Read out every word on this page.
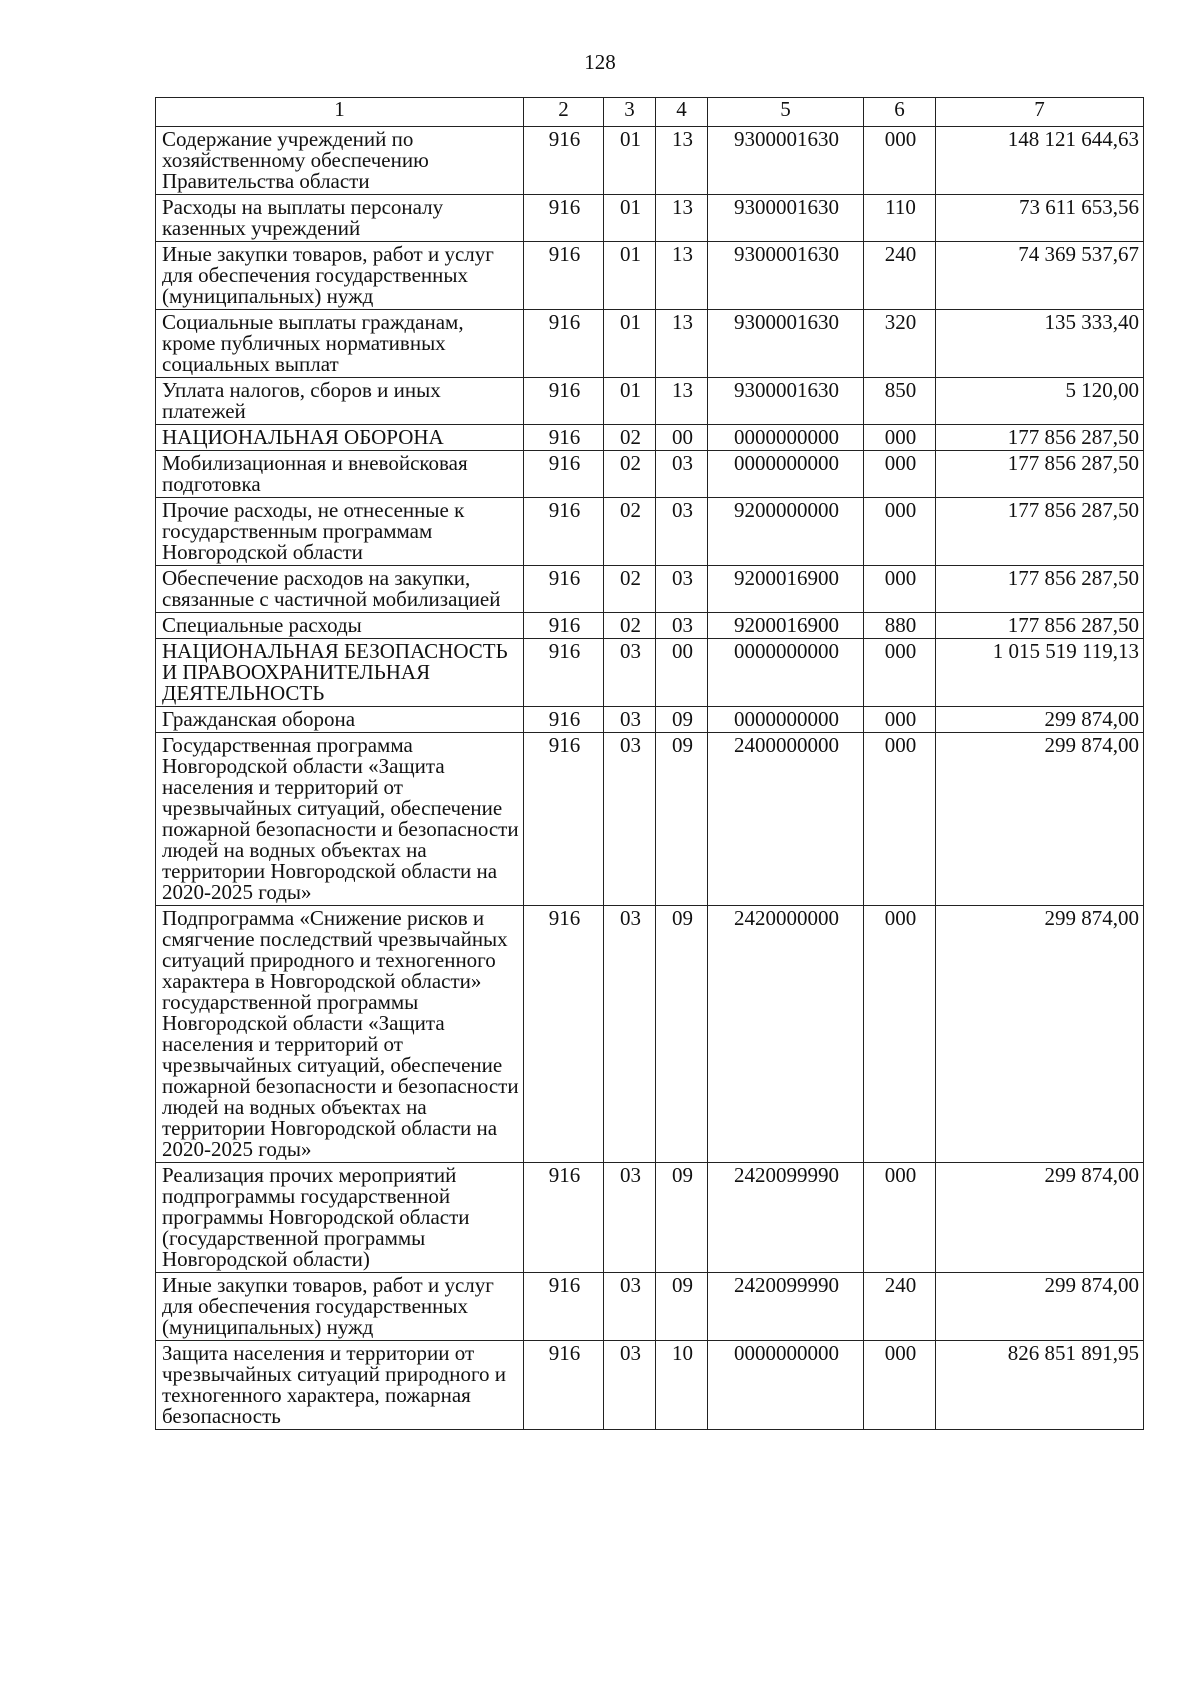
128
1	2	3	4	5	6	7
Содержание учреждений по хозяйственному обеспечению Правительства области	916	01	13	9300001630	000	148 121 644,63
Расходы на выплаты персоналу казенных учреждений	916	01	13	9300001630	110	73 611 653,56
Иные закупки товаров, работ и услуг для обеспечения государственных (муниципальных) нужд	916	01	13	9300001630	240	74 369 537,67
Социальные выплаты гражданам, кроме публичных нормативных социальных выплат	916	01	13	9300001630	320	135 333,40
Уплата налогов, сборов и иных платежей	916	01	13	9300001630	850	5 120,00
НАЦИОНАЛЬНАЯ ОБОРОНА	916	02	00	0000000000	000	177 856 287,50
Мобилизационная и вневойсковая подготовка	916	02	03	0000000000	000	177 856 287,50
Прочие расходы, не отнесенные к государственным программам Новгородской области	916	02	03	9200000000	000	177 856 287,50
Обеспечение расходов на закупки, связанные с частичной мобилизацией	916	02	03	9200016900	000	177 856 287,50
Специальные расходы	916	02	03	9200016900	880	177 856 287,50
НАЦИОНАЛЬНАЯ БЕЗОПАСНОСТЬ И ПРАВООХРАНИТЕЛЬНАЯ ДЕЯТЕЛЬНОСТЬ	916	03	00	0000000000	000	1 015 519 119,13
Гражданская оборона	916	03	09	0000000000	000	299 874,00
Государственная программа Новгородской области «Защита населения и территорий от чрезвычайных ситуаций, обеспечение пожарной безопасности и безопасности людей на водных объектах на территории Новгородской области на 2020-2025 годы»	916	03	09	2400000000	000	299 874,00
Подпрограмма «Снижение рисков и смягчение последствий чрезвычайных ситуаций природного и техногенного характера в Новгородской области» государственной программы Новгородской области «Защита населения и территорий от чрезвычайных ситуаций, обеспечение пожарной безопасности и безопасности людей на водных объектах на территории Новгородской области на 2020-2025 годы»	916	03	09	2420000000	000	299 874,00
Реализация прочих мероприятий подпрограммы государственной программы Новгородской области (государственной программы Новгородской области)	916	03	09	2420099990	000	299 874,00
Иные закупки товаров, работ и услуг для обеспечения государственных (муниципальных) нужд	916	03	09	2420099990	240	299 874,00
Защита населения и территории от чрезвычайных ситуаций природного и техногенного характера, пожарная безопасность	916	03	10	0000000000	000	826 851 891,95
